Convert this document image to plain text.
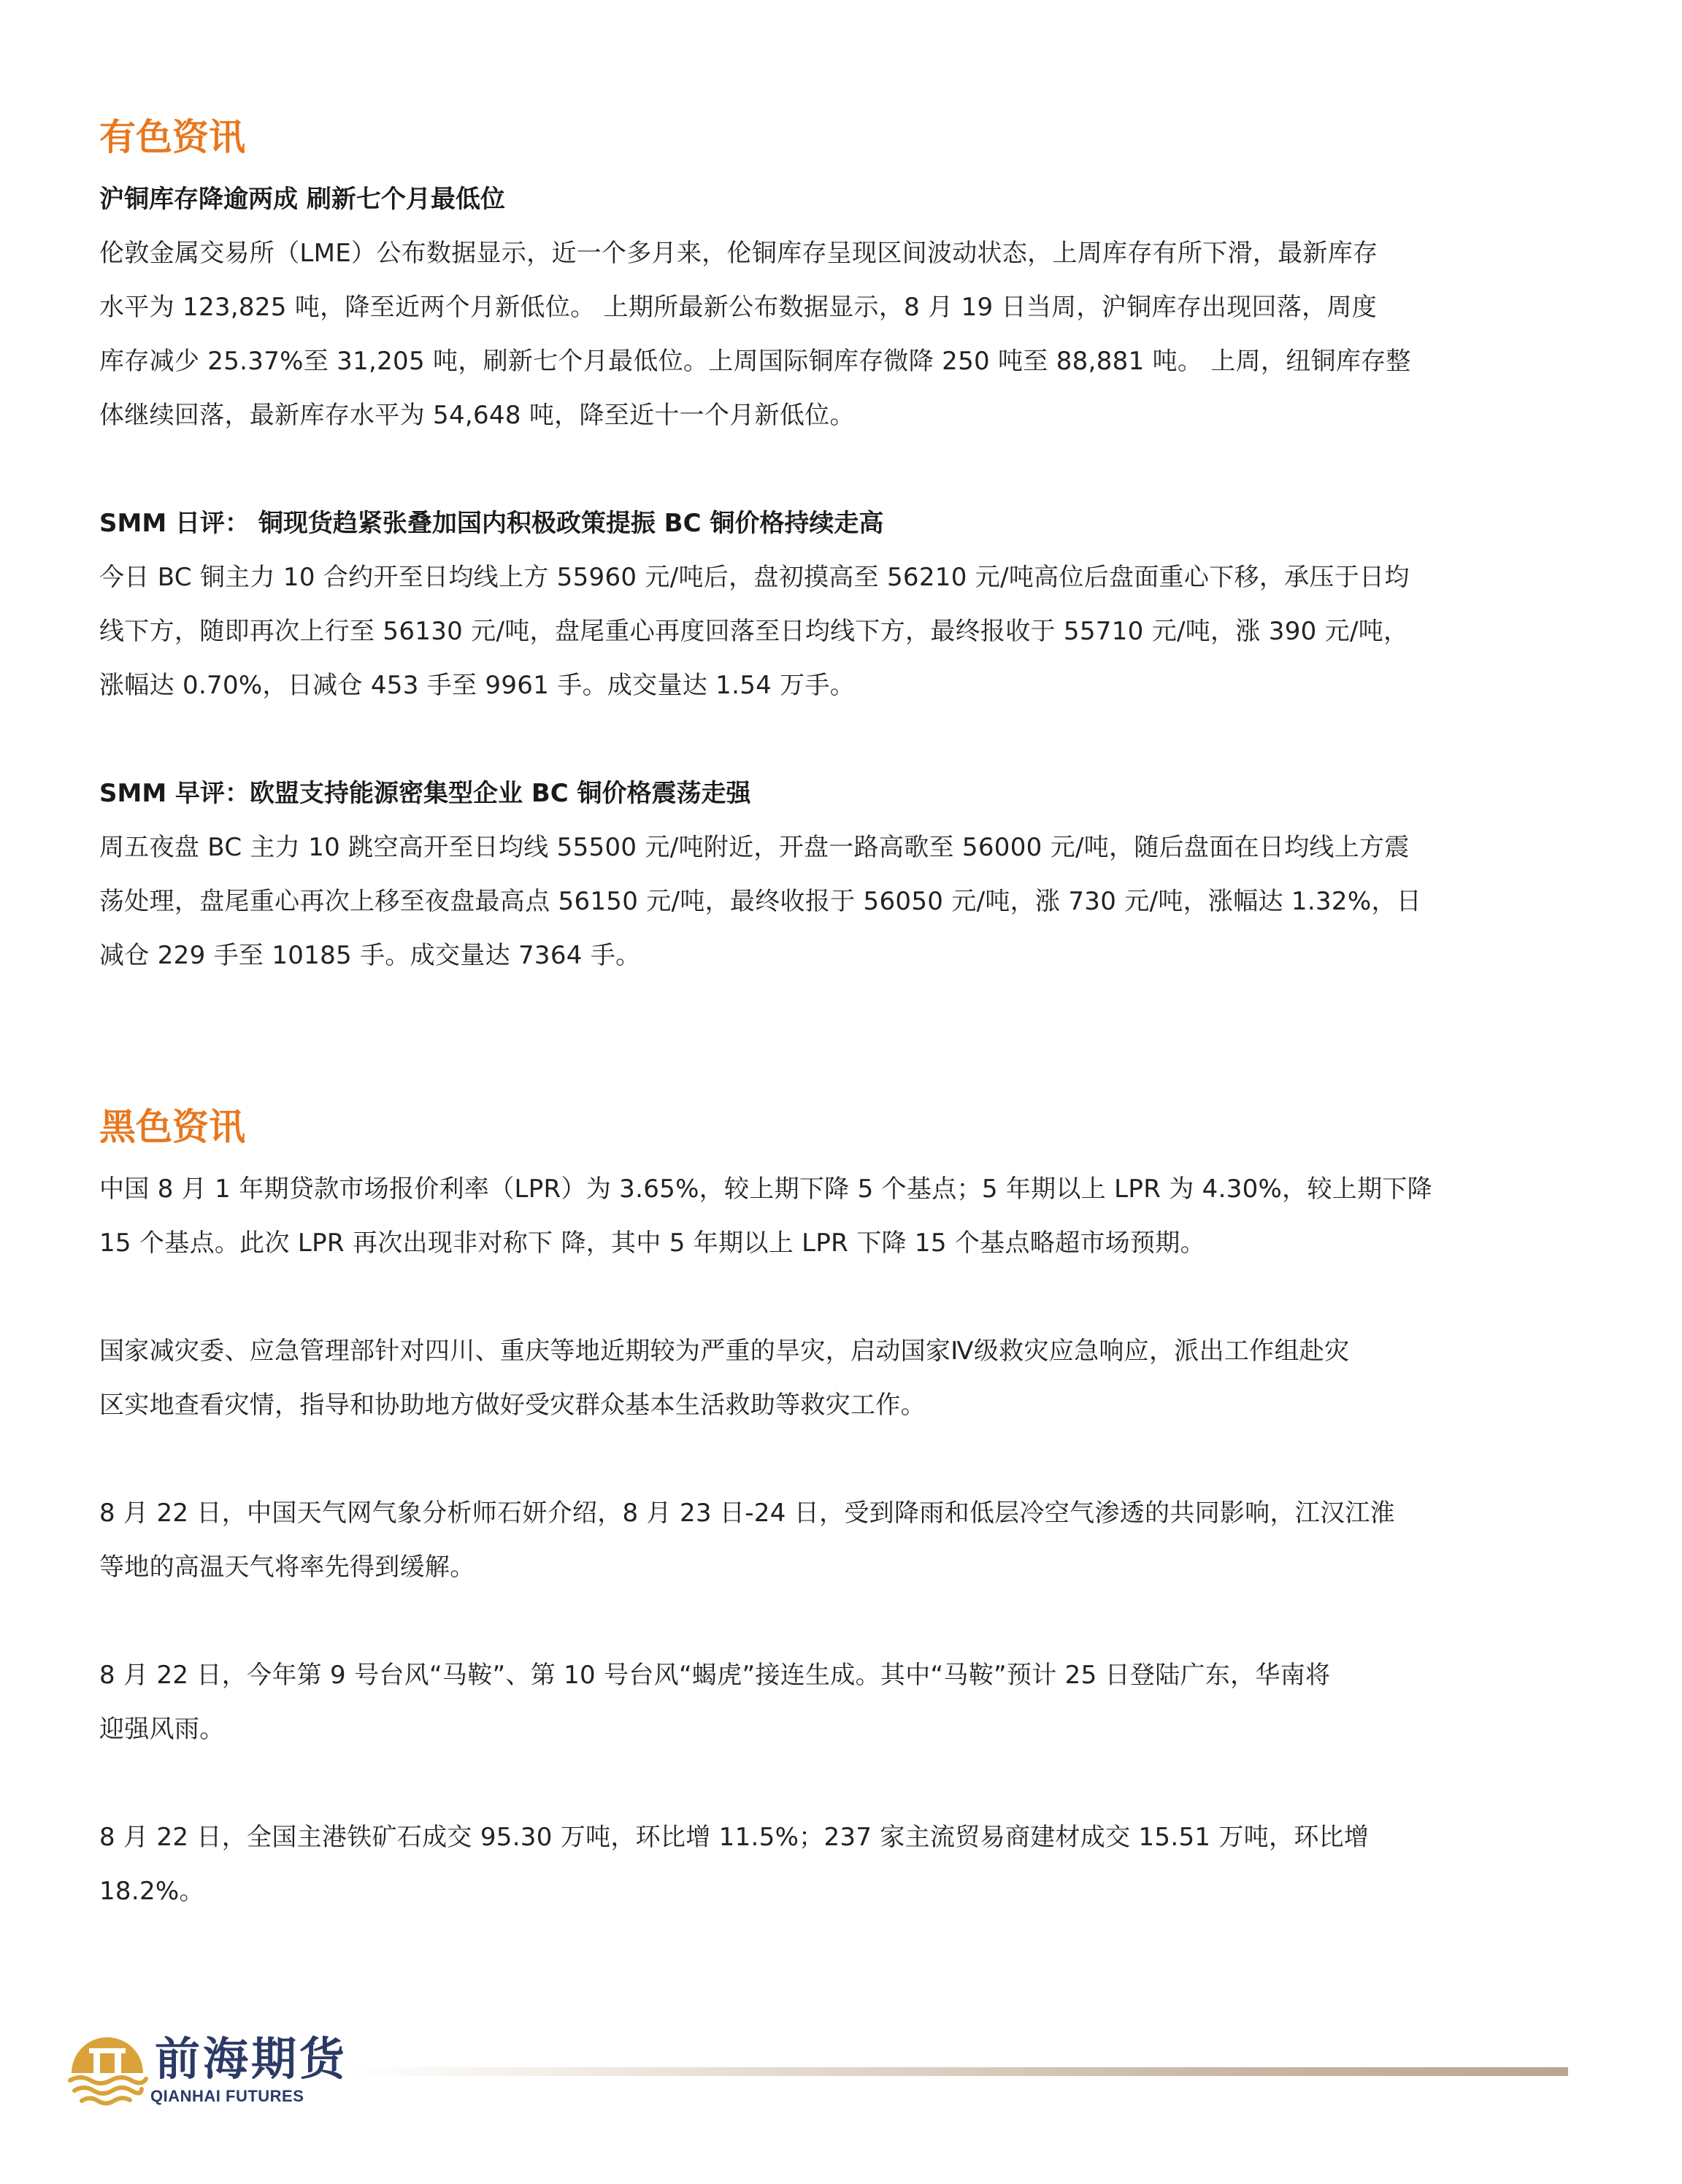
有色资讯
沪铜库存降逾两成 刷新七个月最低位
伦敦金属交易所（LME）公布数据显示，近一个多月来，伦铜库存呈现区间波动状态，上周库存有所下滑，最新库存
水平为 123,825 吨，降至近两个月新低位。 上期所最新公布数据显示，8 月 19 日当周，沪铜库存出现回落，周度
库存减少 25.37%至 31,205 吨，刷新七个月最低位。上周国际铜库存微降 250 吨至 88,881 吨。 上周，纽铜库存整
体继续回落，最新库存水平为 54,648 吨，降至近十一个月新低位。
SMM 日评： 铜现货趋紧张叠加国内积极政策提振 BC 铜价格持续走高
今日 BC 铜主力 10 合约开至日均线上方 55960 元/吨后，盘初摸高至 56210 元/吨高位后盘面重心下移，承压于日均
线下方，随即再次上行至 56130 元/吨，盘尾重心再度回落至日均线下方，最终报收于 55710 元/吨，涨 390 元/吨，
涨幅达 0.70%，日减仓 453 手至 9961 手。成交量达 1.54 万手。
SMM 早评：欧盟支持能源密集型企业 BC 铜价格震荡走强
周五夜盘 BC 主力 10 跳空高开至日均线 55500 元/吨附近，开盘一路高歌至 56000 元/吨，随后盘面在日均线上方震
荡处理，盘尾重心再次上移至夜盘最高点 56150 元/吨，最终收报于 56050 元/吨，涨 730 元/吨，涨幅达 1.32%，日
减仓 229 手至 10185 手。成交量达 7364 手。
黑色资讯
中国 8 月 1 年期贷款市场报价利率（LPR）为 3.65%，较上期下降 5 个基点；5 年期以上 LPR 为 4.30%，较上期下降
15 个基点。此次 LPR 再次出现非对称下 降，其中 5 年期以上 LPR 下降 15 个基点略超市场预期。
国家减灾委、应急管理部针对四川、重庆等地近期较为严重的旱灾，启动国家Ⅳ级救灾应急响应，派出工作组赴灾
区实地查看灾情，指导和协助地方做好受灾群众基本生活救助等救灾工作。
8 月 22 日，中国天气网气象分析师石妍介绍，8 月 23 日-24 日，受到降雨和低层冷空气渗透的共同影响，江汉江淮
等地的高温天气将率先得到缓解。
8 月 22 日，今年第 9 号台风“马鞍”、第 10 号台风“蝎虎”接连生成。其中“马鞍”预计 25 日登陆广东，华南将
迎强风雨。
8 月 22 日，全国主港铁矿石成交 95.30 万吨，环比增 11.5%；237 家主流贸易商建材成交 15.51 万吨，环比增
18.2%。
前海期货
QIANHAI FUTURES
